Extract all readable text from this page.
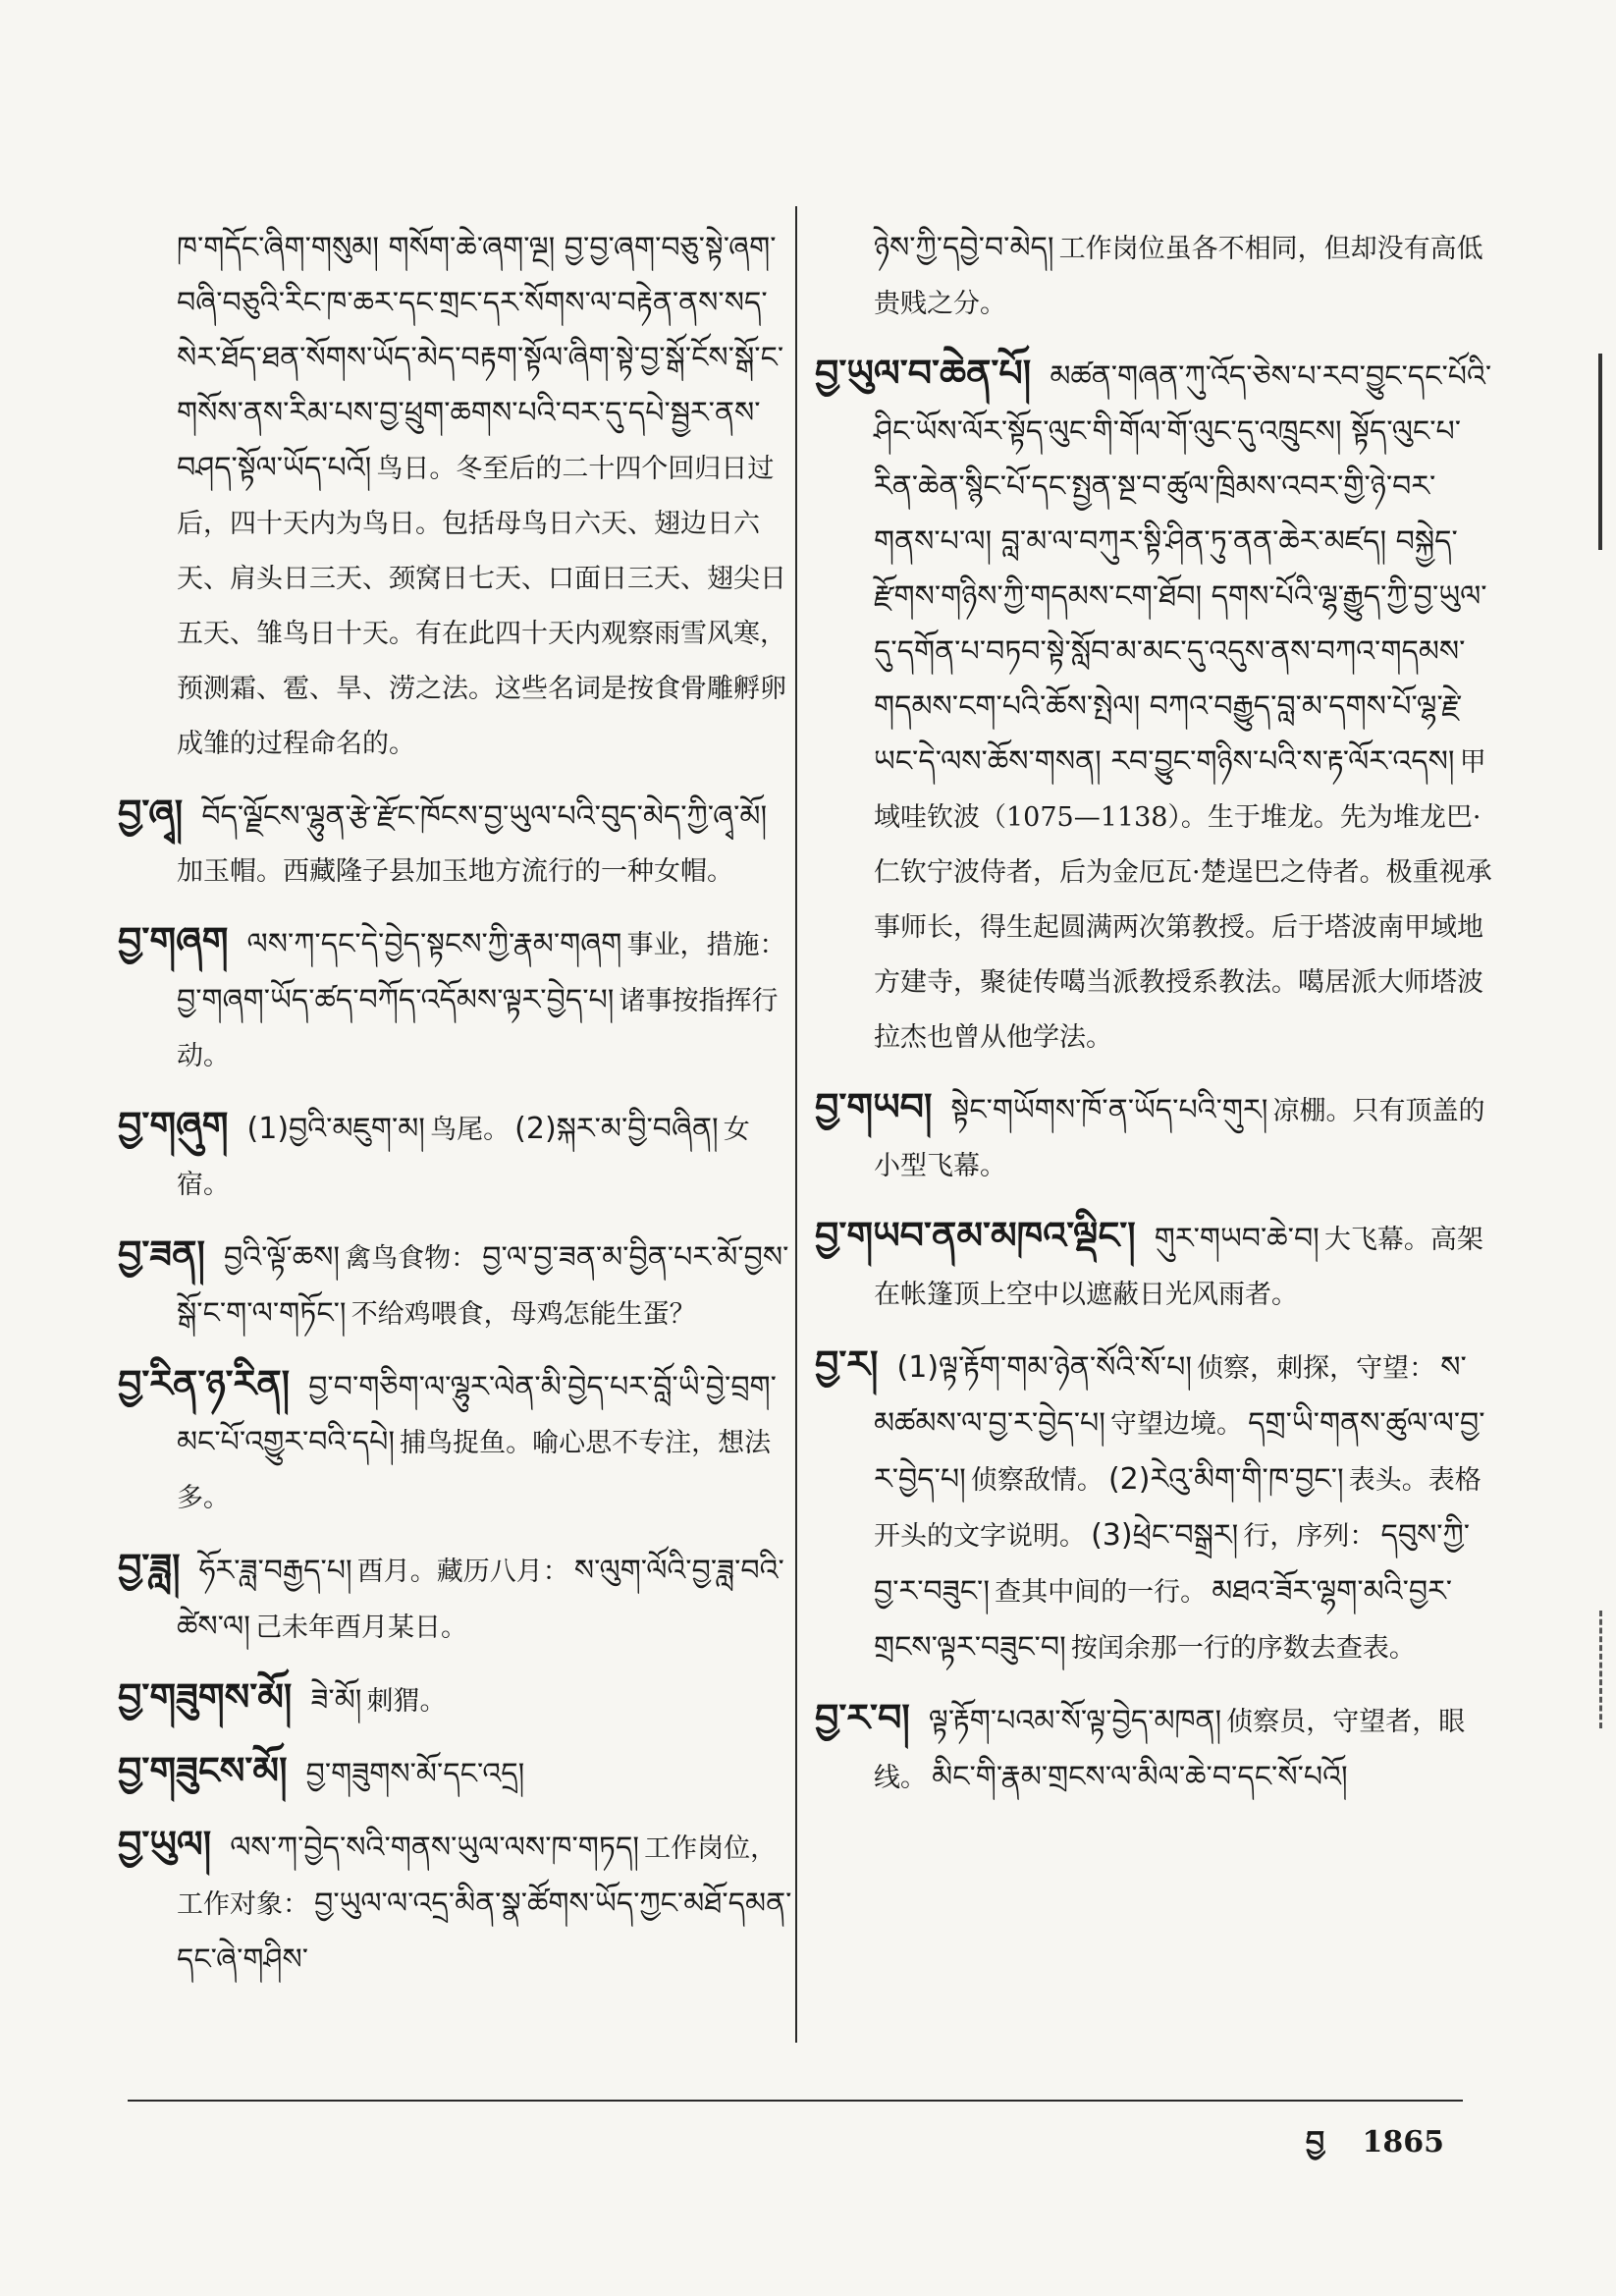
ཁ་གདོང་ཞིག་གསུམ། གསོག་ཆེ་ཞག་ལྔ། བྱ་བྱ་ཞག་བཅུ་སྟེ་ཞག་བཞི་བཅུའི་རིང་ཁ་ཆར་དང་གྲང་དར་སོགས་ལ་བརྟེན་ནས་སད་སེར་ཐོད་ཐན་སོགས་ཡོད་མེད་བརྟག་སྟོལ་ཞིག་སྟེ་བྱ་སྒོ་ངོས་སྒོ་ང་གསོས་ནས་རིམ་པས་བྱ་ཕྲུག་ཆགས་པའི་བར་དུ་དཔེ་སྦྱར་ནས་བཤད་སྟོལ་ཡོད་པའོ། 鸟日。冬至后的二十四个回归日过后，四十天内为鸟日。包括母鸟日六天、翅边日六天、肩头日三天、颈窝日七天、口面日三天、翅尖日五天、雏鸟日十天。有在此四十天内观察雨雪风寒，预测霜、雹、旱、涝之法。这些名词是按食骨雕孵卵成雏的过程命名的。
བྱ་ཞྭ། བོད་ལྗོངས་ལྷུན་རྩེ་རྫོང་ཁོངས་བྱ་ཡུལ་པའི་བུད་མེད་ཀྱི་ཞྭ་མོ། 加玉帽。西藏隆子县加玉地方流行的一种女帽。
བྱ་གཞག ལས་ཀ་དང་དེ་བྱེད་སྟངས་ཀྱི་རྣམ་གཞག 事业，措施： བྱ་གཞག་ཡོད་ཚད་བཀོད་འདོམས་ལྟར་བྱེད་པ། 诸事按指挥行动。
བྱ་གཞུག (1)བྱའི་མཇུག་མ། 鸟尾。 (2)སྐར་མ་བྱི་བཞིན། 女宿。
བྱ་ཟན། བྱའི་ལྟོ་ཆས། 禽鸟食物： བྱ་ལ་བྱ་ཟན་མ་བྱིན་པར་མོ་བྱས་སྒོ་ང་ག་ལ་གཏོང་། 不给鸡喂食，母鸡怎能生蛋？
བྱ་རིན་ཉ་རིན། བྱ་བ་གཅིག་ལ་ལྷུར་ལེན་མི་བྱེད་པར་བློ་ཡི་བྱེ་བྲག་མང་པོ་འགྱུར་བའི་དཔེ། 捕鸟捉鱼。喻心思不专注，想法多。
བྱ་ཟླ། ཧོར་ཟླ་བརྒྱད་པ། 酉月。藏历八月： ས་ལུག་ལོའི་བྱ་ཟླ་བའི་ཚེས་ལ། 己未年酉月某日。
བྱ་གཟུགས་མོ། ཟེ་མོ། 刺猬。
བྱ་གཟུངས་མོ། བྱ་གཟུགས་མོ་དང་འདྲ།
བྱ་ཡུལ། ལས་ཀ་བྱེད་སའི་གནས་ཡུལ་ལས་ཁ་གཏད། 工作岗位，工作对象： བྱ་ཡུལ་ལ་འདྲ་མིན་སྣ་ཚོགས་ཡོད་ཀྱང་མཐོ་དམན་དང་ཞེ་གཤིས་
ཉེས་ཀྱི་དབྱེ་བ་མེད། 工作岗位虽各不相同，但却没有高低贵贱之分。
བྱ་ཡུལ་བ་ཆེན་པོ། མཚན་གཞན་ཀུ་འོད་ཅེས་པ་རབ་བྱུང་དང་པོའི་ཤིང་ཡོས་ལོར་སྟོད་ལུང་གི་གོལ་གོ་ལུང་དུ་འཁྲུངས། སྟོད་ལུང་པ་རིན་ཆེན་སྙིང་པོ་དང་སྤྱན་སྔ་བ་ཚུལ་ཁྲིམས་འབར་གྱི་ཉེ་བར་གནས་པ་ལ། བླ་མ་ལ་བཀུར་སྟི་ཤིན་ཏུ་ནན་ཆེར་མཛད། བསྐྱེད་རྫོགས་གཉིས་ཀྱི་གདམས་ངག་ཐོབ། དགས་པོའི་ལྷ་རྒྱུད་ཀྱི་བྱ་ཡུལ་དུ་དགོན་པ་བཏབ་སྟེ་སློབ་མ་མང་དུ་འདུས་ནས་བཀའ་གདམས་གདམས་ངག་པའི་ཆོས་སྤེལ། བཀའ་བརྒྱུད་བླ་མ་དགས་པོ་ལྷ་རྗེ་ཡང་དེ་ལས་ཆོས་གསན། རབ་བྱུང་གཉིས་པའི་ས་རྟ་ལོར་འདས། 甲域哇钦波（1075—1138）。生于堆龙。先为堆龙巴·仁钦宁波侍者，后为金厄瓦·楚逞巴之侍者。极重视承事师长，得生起圆满两次第教授。后于塔波南甲域地方建寺，聚徒传噶当派教授系教法。噶居派大师塔波拉杰也曾从他学法。
བྱ་གཡབ། སྟེང་གཡོགས་ཁོ་ན་ཡོད་པའི་གུར། 凉棚。只有顶盖的小型飞幕。
བྱ་གཡབ་ནམ་མཁའ་ལྡིང་། གུར་གཡབ་ཆེ་བ། 大飞幕。高架在帐篷顶上空中以遮蔽日光风雨者。
བྱ་ར། (1)ལྟ་རྟོག་གམ་ཉེན་སོའི་སོ་པ། 侦察，刺探，守望： ས་མཚམས་ལ་བྱ་ར་བྱེད་པ། 守望边境。 དགྲ་ཡི་གནས་ཚུལ་ལ་བྱ་ར་བྱེད་པ། 侦察敌情。 (2)རེའུ་མིག་གི་ཁ་བྱང་། 表头。表格开头的文字说明。 (3)ཕྲེང་བསྒྲར། 行，序列： དབུས་ཀྱི་བྱ་ར་བཟུང་། 查其中间的一行。 མཐའ་ཟོར་ལྷག་མའི་བྱར་གྲངས་ལྟར་བཟུང་བ། 按闰余那一行的序数去查表。
བྱ་ར་བ། ལྟ་རྟོག་པའམ་སོ་ལྟ་བྱེད་མཁན། 侦察员，守望者，眼线。 མིང་གི་རྣམ་གྲངས་ལ་མིལ་ཆེ་བ་དང་སོ་པའོ།
བྱ 1865
